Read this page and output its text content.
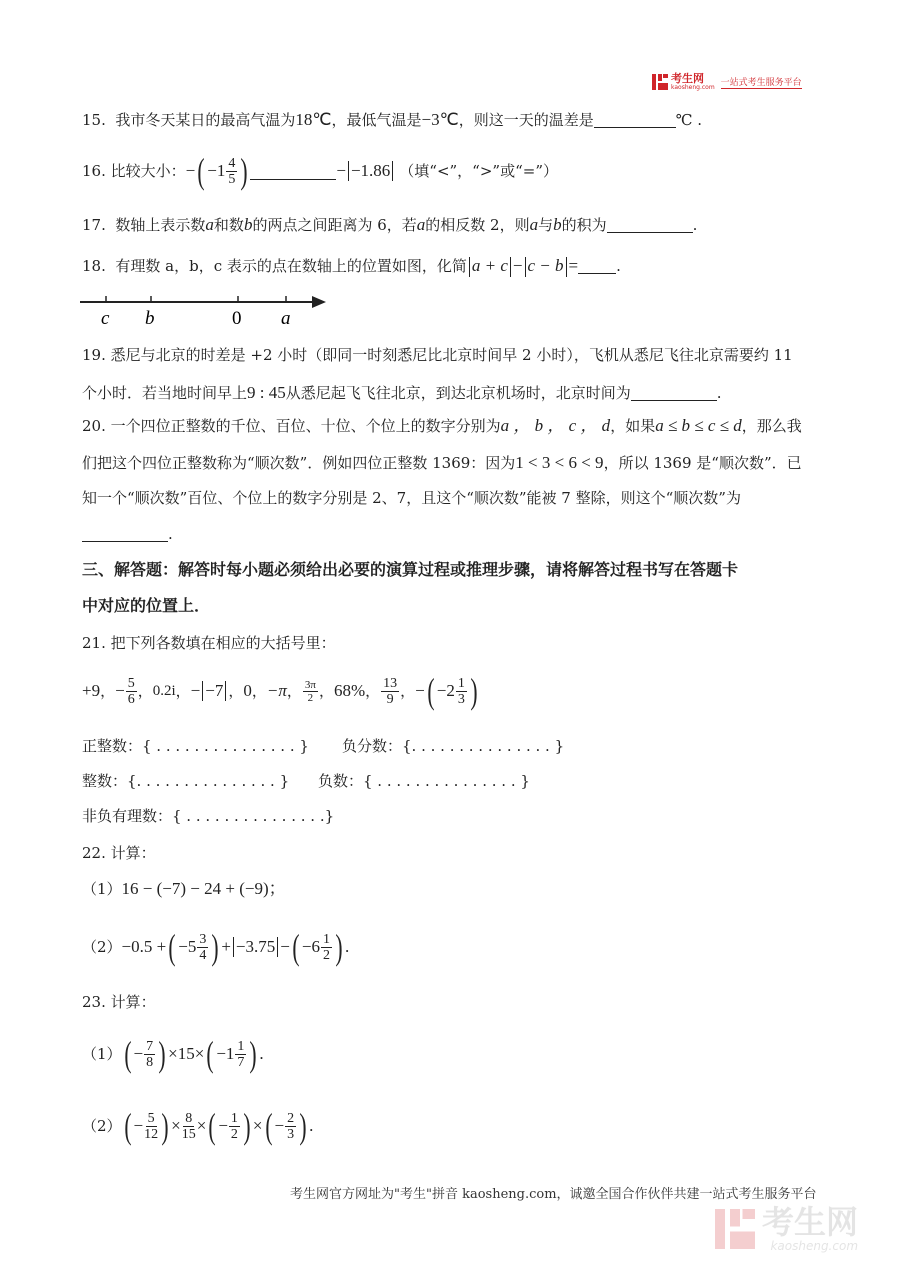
考生网
kaosheng.com 一站式考生服务平台
15. 我市冬天某日的最高气温为18℃，最低气温是−3℃，则这一天的温差是	℃ .
16.
比较大小： − ( $-1 \frac{4}{5}$ )	− −1.86 （填“<”，“>”或“=”）
17. 数轴上表示数a和数b的两点之间距离为 6，若a的相反数 2，则a与b的积为	.
18. 有理数 a，b，c 表示的点在数轴上的位置如图，化简 a + c − c − b =	.
c b	0 a
19. 悉尼与北京的时差是 +2 小时（即同一时刻悉尼比北京时间早 2 小时），飞机从悉尼飞往北京需要约 11
个小时．若当地时间早上9 : 45从悉尼起飞飞往北京，到达北京机场时，北京时间为	.
20. 一个四位正整数的千位、百位、十位、个位上的数字分别为a ， b ， c ， d，如果a ≤ b ≤ c ≤ d，那么我
们把这个四位正整数称为“顺次数”．例如四位正整数 1369：因为1 < 3 < 6 < 9，所以 1369 是“顺次数”．已
知一个“顺次数”百位、个位上的数字分别是 2、7，且这个“顺次数”能被 7 整除，则这个“顺次数”为
.
三、解答题：解答时每小题必须给出必要的演算过程或推理步骤，请将解答过程书写在答题卡
中对应的位置上．
21. 把下列各数填在相应的大括号里：
+9 ， − $\frac{5}{6}$ ， 0.2i ， − −7 ， 0 ， −π ， $\frac{3\pi}{2}$ ， 68% ， $\frac{13}{9}$ ， − ( $-2 \frac{1}{3}$ )
正整数：{ . . . . . . . . . . . . . . . } 负分数：{. . . . . . . . . . . . . . . }
整数：{. . . . . . . . . . . . . . . } 负数：{ . . . . . . . . . . . . . . . }
非负有理数：{ . . . . . . . . . . . . . . .}
22. 计算：
（1）16 − (−7) − 24 + (−9)；
（2） −0.5 + ( $-5 \frac{3}{4}$ ) + −3.75 − ( $-6 \frac{1}{2}$ ) .
23. 计算：
（1） ( − $\frac{7}{8}$ ) ×15× ( $-1 \frac{1}{7}$ ) .
（2） ( − $\frac{5}{12}$ ) × $\frac{8}{15}$ × ( − $\frac{1}{2}$ ) × ( − $\frac{2}{3}$ ) .
考生网官方网址为"考生"拼音 kaosheng.com，诚邀全国合作伙伴共建一站式考生服务平台
考生网
kaosheng.com
